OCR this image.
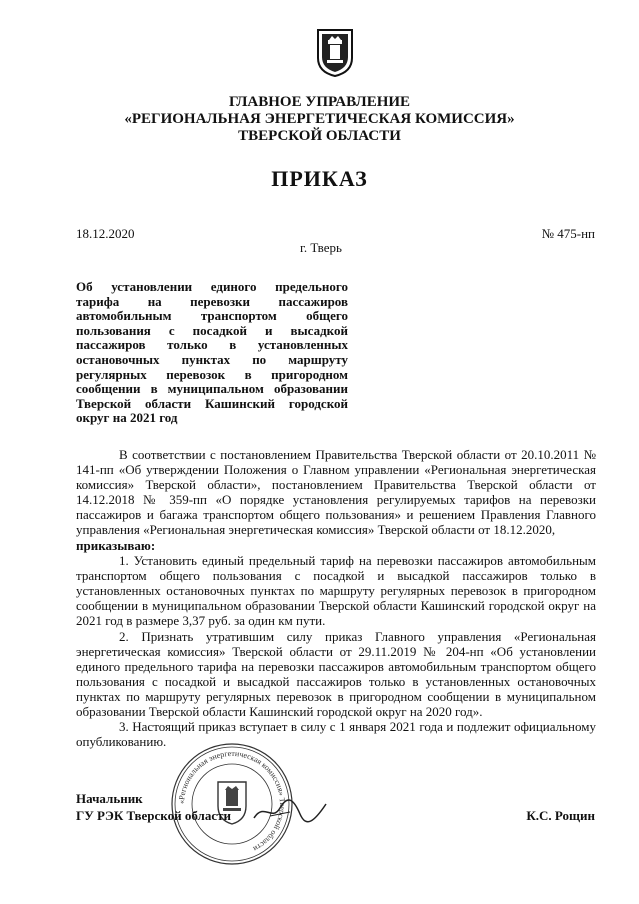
ГЛАВНОЕ УПРАВЛЕНИЕ
«РЕГИОНАЛЬНАЯ ЭНЕРГЕТИЧЕСКАЯ КОМИССИЯ»
ТВЕРСКОЙ ОБЛАСТИ
ПРИКАЗ
18.12.2020	№ 475-нп
г. Тверь
Об установлении единого предельного тарифа на перевозки пассажиров автомобильным транспортом общего пользования с посадкой и высадкой пассажиров только в установленных остановочных пунктах по маршруту регулярных перевозок в пригородном сообщении в муниципальном образовании Тверской области Кашинский городской округ на 2021 год

В соответствии с постановлением Правительства Тверской области от 20.10.2011 № 141-пп «Об утверждении Положения о Главном управлении «Региональная энергетическая комиссия» Тверской области», постановлением Правительства Тверской области от 14.12.2018 № 359-пп «О порядке установления регулируемых тарифов на перевозки пассажиров и багажа транспортом общего пользования» и решением Правления Главного управления «Региональная энергетическая комиссия» Тверской области от 18.12.2020,

приказываю:

1. Установить единый предельный тариф на перевозки пассажиров автомобильным транспортом общего пользования с посадкой и высадкой пассажиров только в установленных остановочных пунктах по маршруту регулярных перевозок в пригородном сообщении в муниципальном образовании Тверской области Кашинский городской округ на 2021 год в размере 3,37 руб. за один км пути.

2. Признать утратившим силу приказ Главного управления «Региональная энергетическая комиссия» Тверской области от 29.11.2019 № 204-нп «Об установлении единого предельного тарифа на перевозки пассажиров автомобильным транспортом общего пользования с посадкой и высадкой пассажиров только в установленных остановочных пунктах по маршруту регулярных перевозок в пригородном сообщении в муниципальном образовании Тверской области Кашинский городской округ на 2020 год».

3. Настоящий приказ вступает в силу с 1 января 2021 года и подлежит официальному опубликованию.

«Региональная энергетическая комиссия» Тверской области
Начальник
ГУ РЭК Тверской области	К.С. Рощин
